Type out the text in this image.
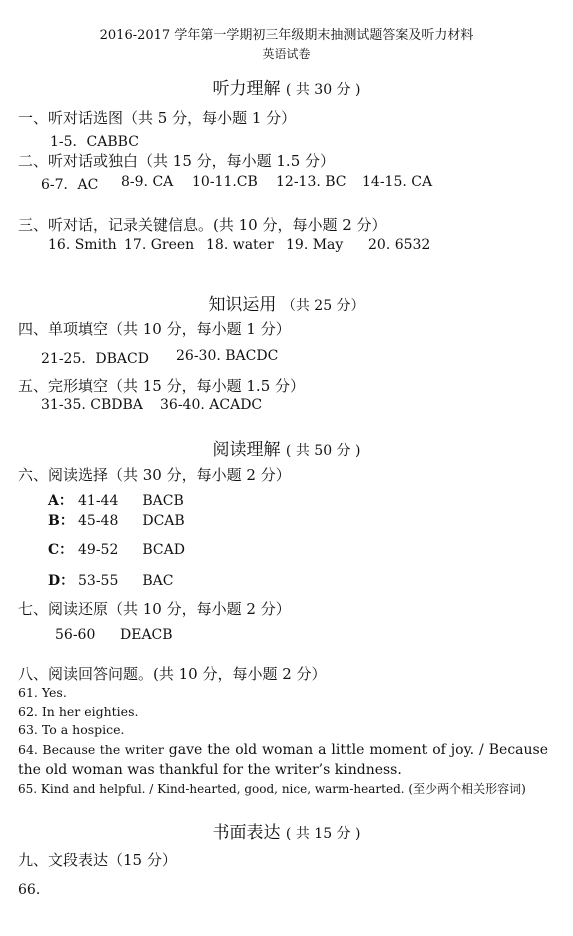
2016-2017 学年第一学期初三年级期末抽测试题答案及听力材料
英语试卷
听力理解 ( 共 30 分 )
一、听对话选图（共 5 分，每小题 1 分）
1-5．CABBC
二、听对话或独白（共 15 分，每小题 1.5 分）
6-7．AC 8-9. CA 10-11.CB 12-13. BC 14-15. CA
三、听对话，记录关键信息。(共 10 分，每小题 2 分）
16. Smith 17. Green 18. water 19. May 20. 6532
知识运用 （共 25 分）
四、单项填空（共 10 分，每小题 1 分）
21-25．DBACD 26-30. BACDC
五、完形填空（共 15 分，每小题 1.5 分）
31-35. CBDBA 36-40. ACADC
阅读理解 ( 共 50 分 )
六、阅读选择（共 30 分，每小题 2 分）
A： 41-44 BACB
B： 45-48 DCAB
C： 49-52 BCAD
D： 53-55 BAC
七、阅读还原（共 10 分，每小题 2 分）
56-60 DEACB
八、阅读回答问题。(共 10 分，每小题 2 分）
61. Yes.
62. In her eighties.
63. To a hospice.
64. Because the writer gave the old woman a little moment of joy. / Because the old woman was thankful for the writer’s kindness.
65. Kind and helpful. / Kind-hearted, good, nice, warm-hearted. (至少两个相关形容词)
书面表达 ( 共 15 分 )
九、文段表达（15 分）
66.
